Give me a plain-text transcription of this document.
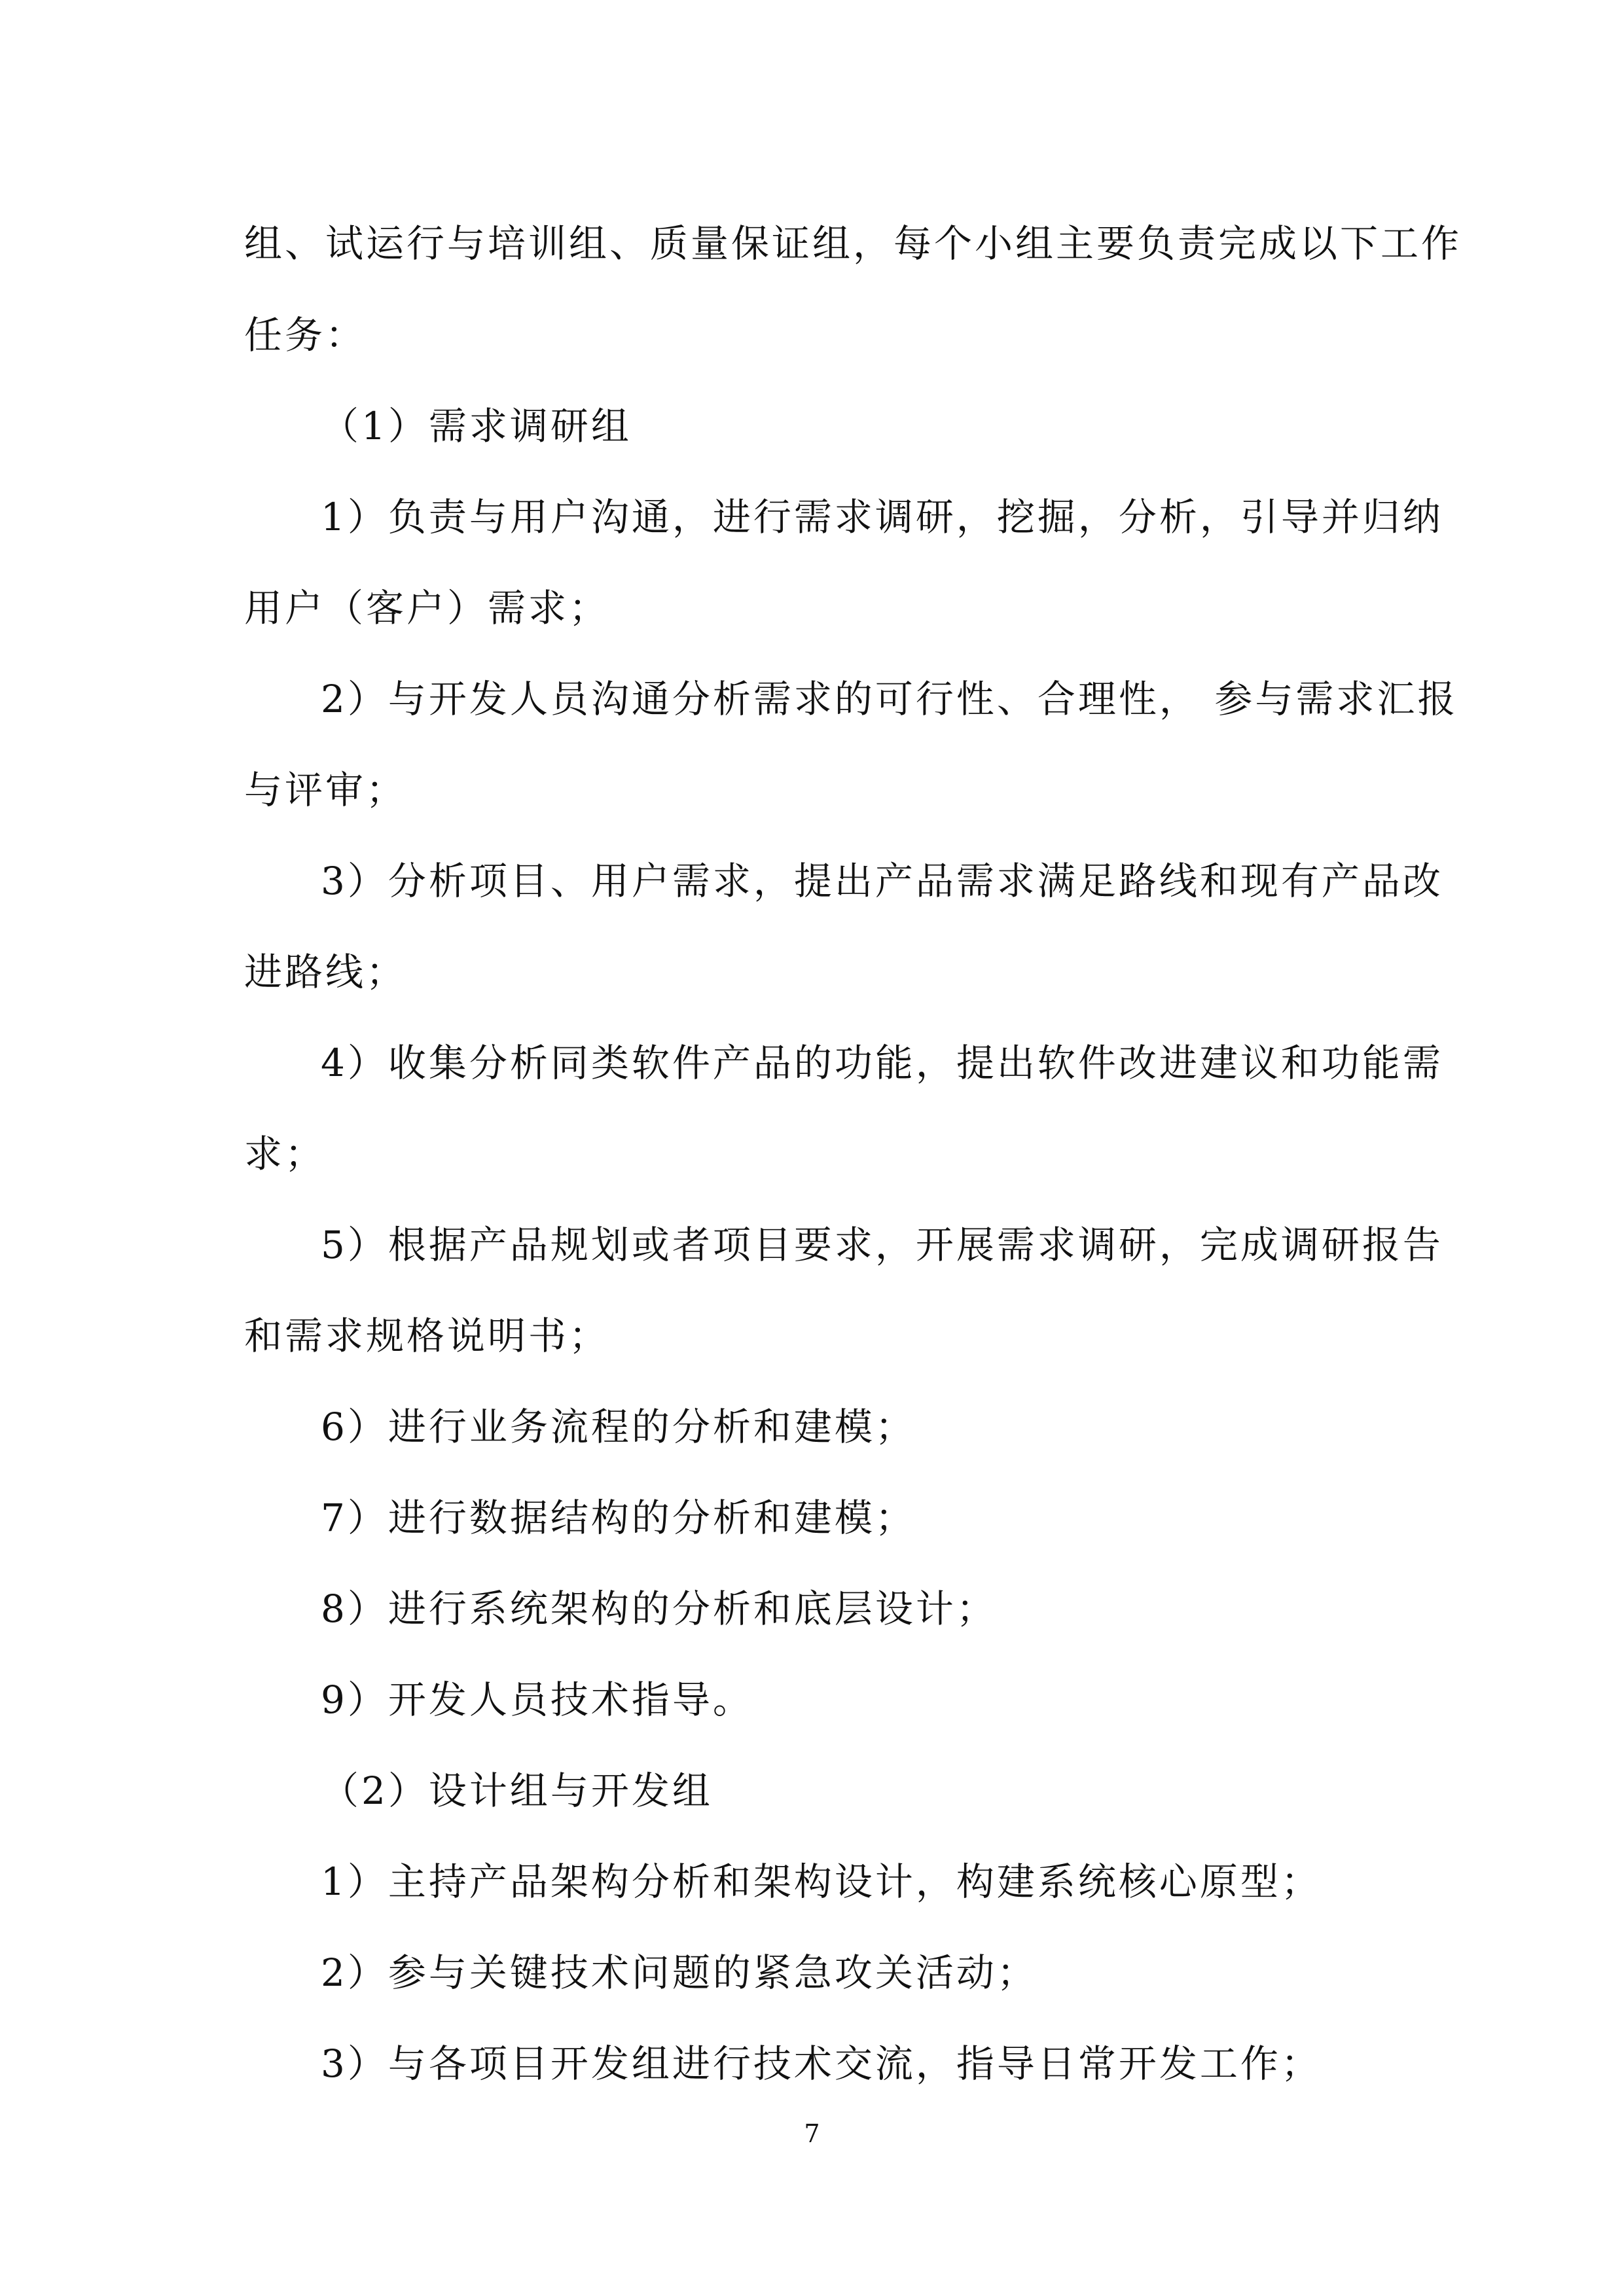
组、试运行与培训组、质量保证组，每个小组主要负责完成以下工作
任务：
（1）需求调研组
1）负责与用户沟通，进行需求调研，挖掘，分析，引导并归纳
用户（客户）需求；
2）与开发人员沟通分析需求的可行性、合理性， 参与需求汇报
与评审；
3）分析项目、用户需求，提出产品需求满足路线和现有产品改
进路线；
4）收集分析同类软件产品的功能，提出软件改进建议和功能需
求；
5）根据产品规划或者项目要求，开展需求调研，完成调研报告
和需求规格说明书；
6）进行业务流程的分析和建模；
7）进行数据结构的分析和建模；
8）进行系统架构的分析和底层设计；
9）开发人员技术指导。
（2）设计组与开发组
1）主持产品架构分析和架构设计，构建系统核心原型；
2）参与关键技术问题的紧急攻关活动；
3）与各项目开发组进行技术交流，指导日常开发工作；
7
